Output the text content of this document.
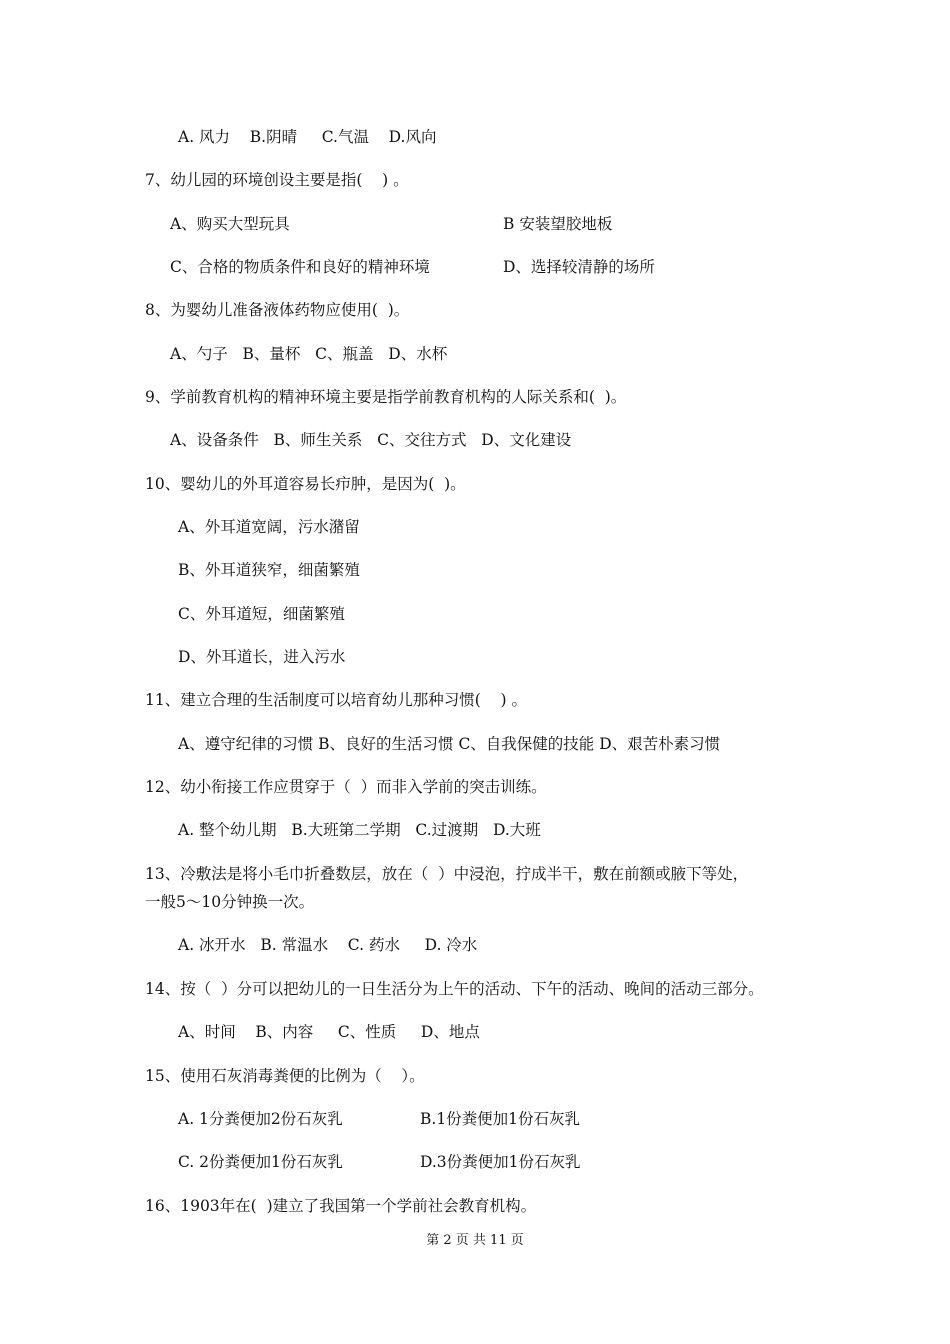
A. 风力    B.阴晴     C.气温    D.风向
7、幼儿园的环境创设主要是指(    ) 。
A、购买大型玩具	B 安装望胶地板
C、合格的物质条件和良好的精神环境	D、选择较清静的场所
8、为婴幼儿准备液体药物应使用(  )。
A、勺子   B、量杯   C、瓶盖   D、水杯
9、学前教育机构的精神环境主要是指学前教育机构的人际关系和(  )。
A、设备条件   B、师生关系   C、交往方式   D、文化建设
10、婴幼儿的外耳道容易长疖肿，是因为(  )。
A、外耳道宽阔，污水潴留
B、外耳道狭窄，细菌繁殖
C、外耳道短，细菌繁殖
D、外耳道长，进入污水
11、建立合理的生活制度可以培育幼儿那种习惯(    ) 。
A、遵守纪律的习惯 B、良好的生活习惯 C、自我保健的技能 D、艰苦朴素习惯
12、幼小衔接工作应贯穿于（  ）而非入学前的突击训练。
A. 整个幼儿期   B.大班第二学期   C.过渡期   D.大班
13、冷敷法是将小毛巾折叠数层，放在（  ）中浸泡，拧成半干，敷在前额或腋下等处，
一般5～10分钟换一次。
A. 冰开水   B. 常温水    C. 药水     D. 冷水
14、按（  ）分可以把幼儿的一日生活分为上午的活动、下午的活动、晚间的活动三部分。
A、时间    B、内容     C、性质     D、地点
15、使用石灰消毒粪便的比例为（    ）。
A. 1分粪便加2份石灰乳	B.1份粪便加1份石灰乳
C. 2份粪便加1份石灰乳	D.3份粪便加1份石灰乳
16、1903年在(  )建立了我国第一个学前社会教育机构。
第 2 页 共 11 页
